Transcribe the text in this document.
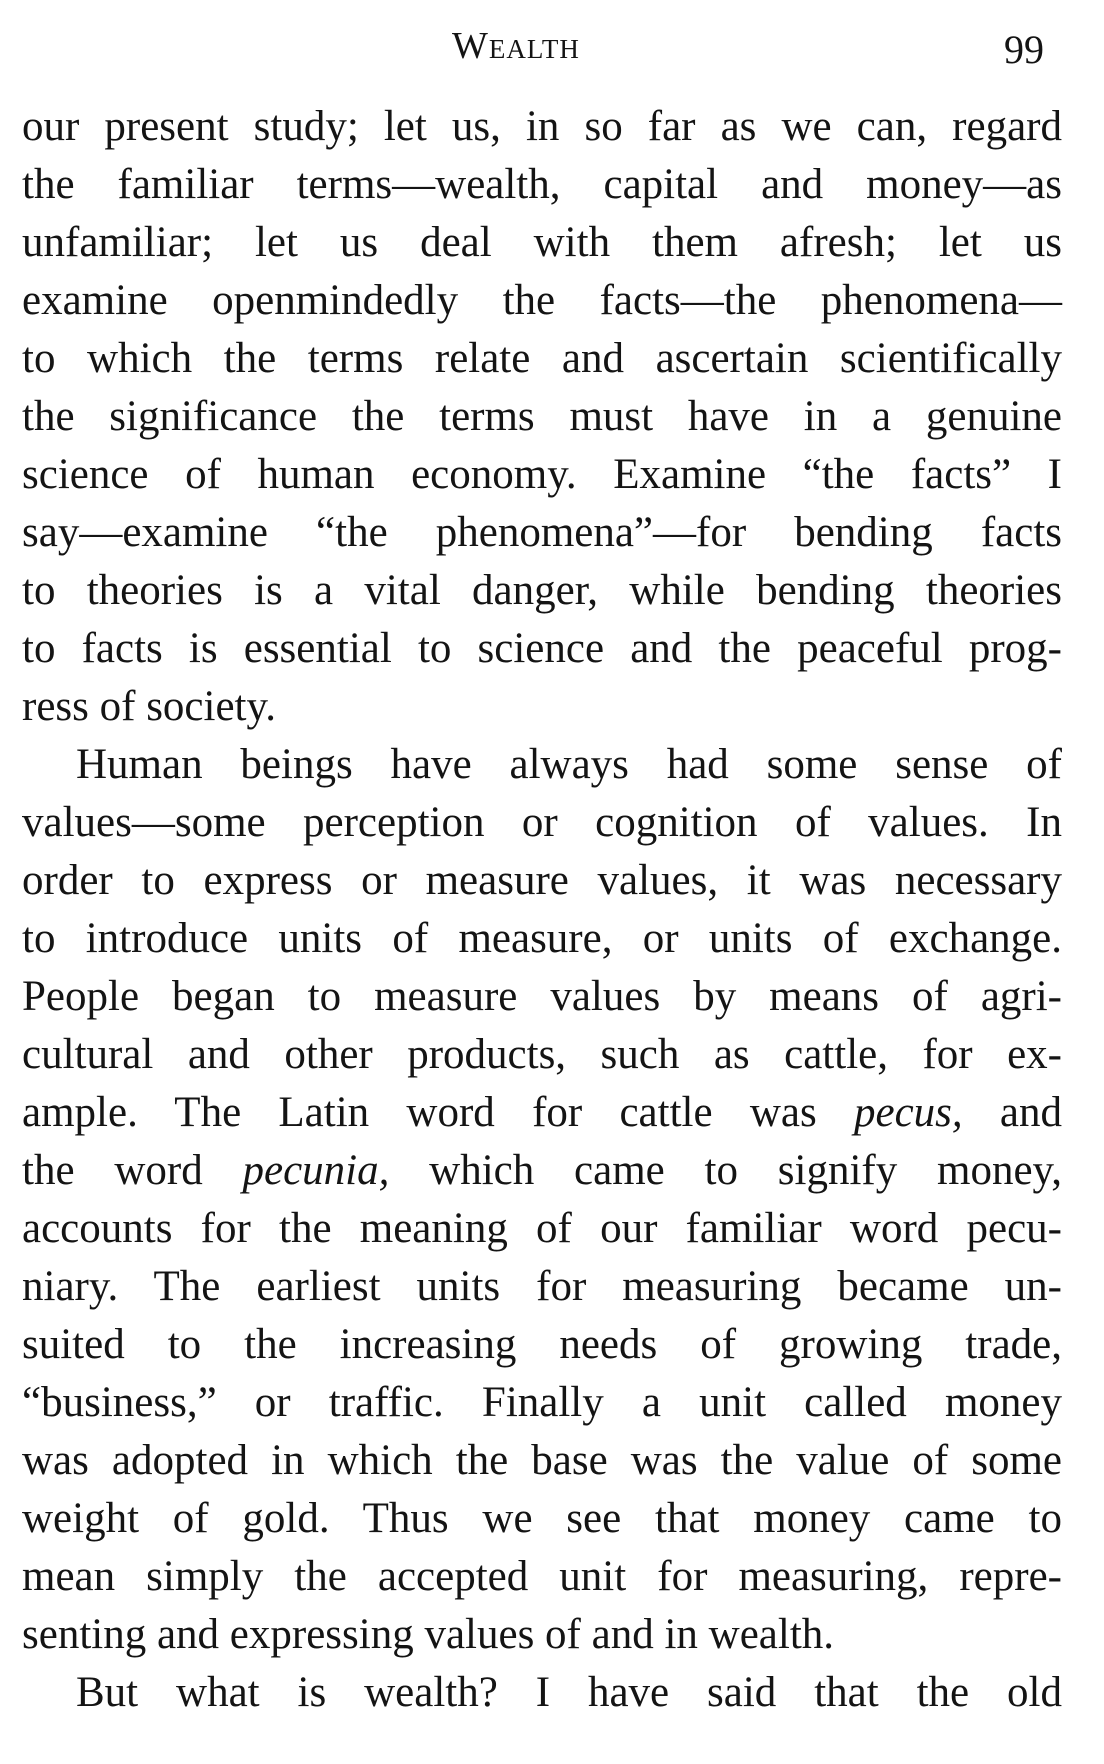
Wealth	99
our present study; let us, in so far as we can, regard
the familiar terms—wealth, capital and money—as
unfamiliar; let us deal with them afresh; let us
examine openmindedly the facts—the phenomena—
to which the terms relate and ascertain scientifically
the significance the terms must have in a genuine
science of human economy. Examine “the facts” I
say—examine “the phenomena”—for bending facts
to theories is a vital danger, while bending theories
to facts is essential to science and the peaceful prog-
ress of society.
Human beings have always had some sense of
values—some perception or cognition of values. In
order to express or measure values, it was necessary
to introduce units of measure, or units of exchange.
People began to measure values by means of agri-
cultural and other products, such as cattle, for ex-
ample. The Latin word for cattle was pecus, and
the word pecunia, which came to signify money,
accounts for the meaning of our familiar word pecu-
niary. The earliest units for measuring became un-
suited to the increasing needs of growing trade,
“business,” or traffic. Finally a unit called money
was adopted in which the base was the value of some
weight of gold. Thus we see that money came to
mean simply the accepted unit for measuring, repre-
senting and expressing values of and in wealth.
But what is wealth? I have said that the old
